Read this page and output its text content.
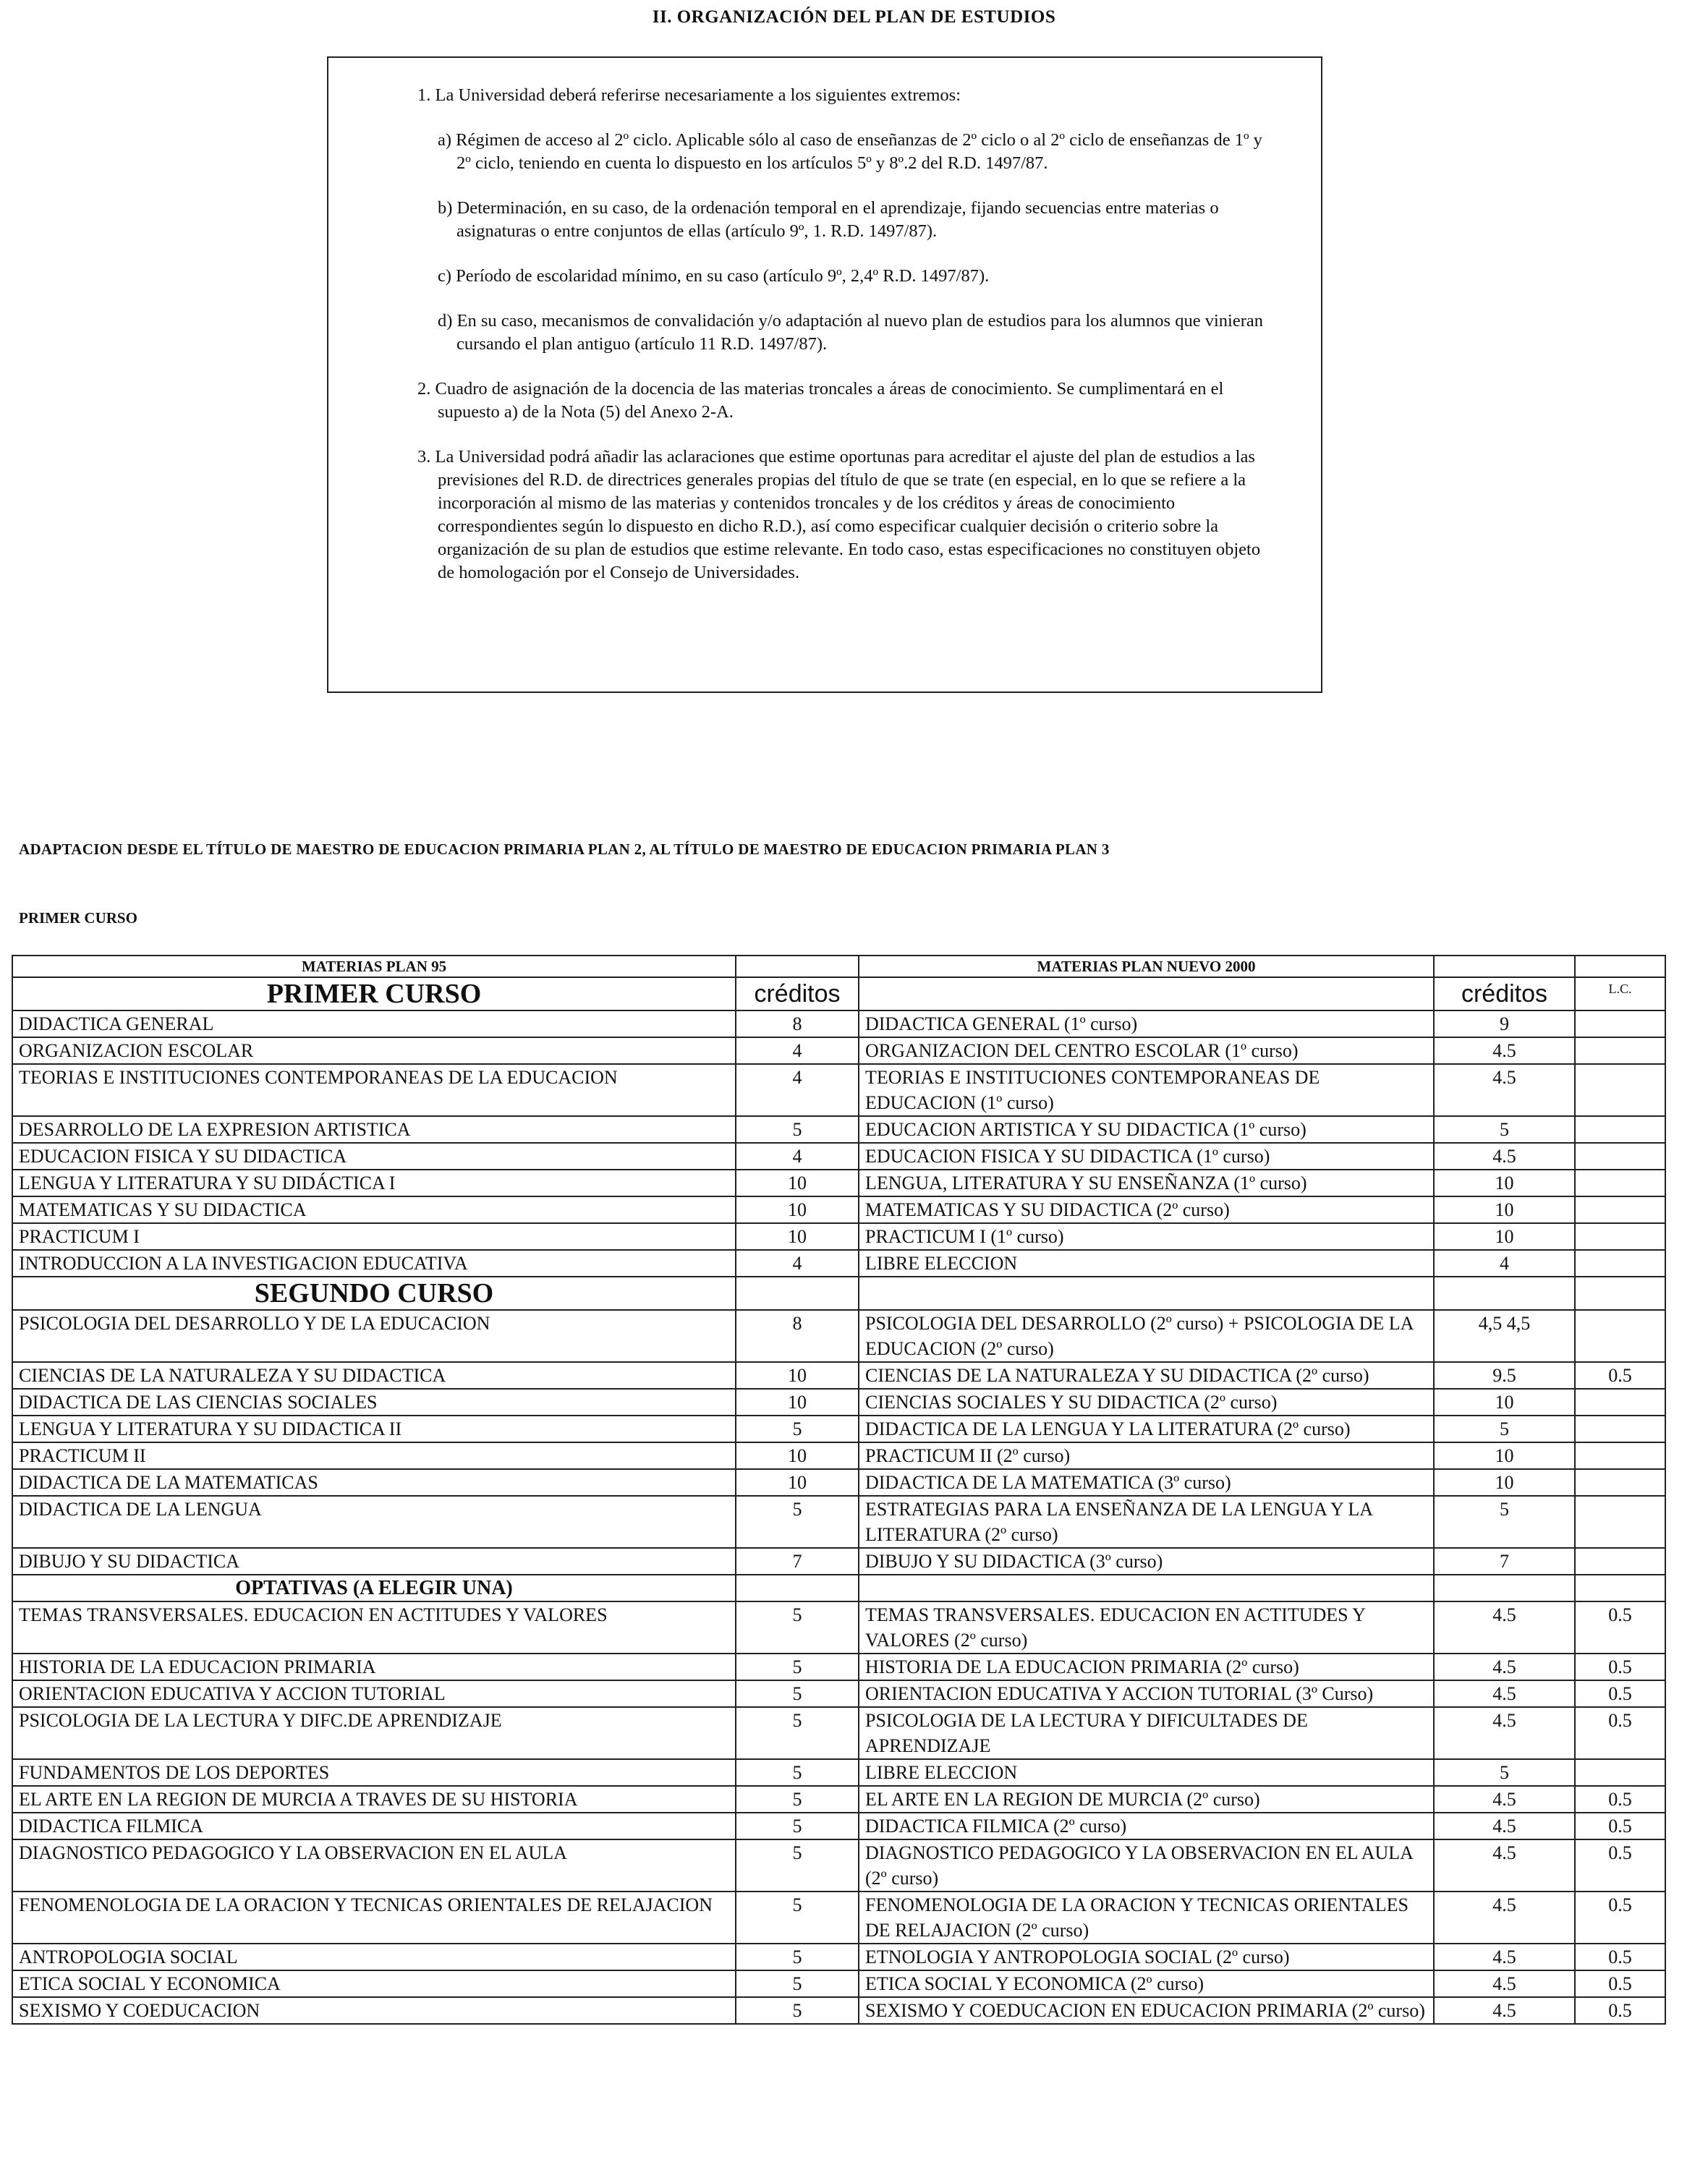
II. ORGANIZACIÓN DEL PLAN DE ESTUDIOS

1. La Universidad deberá referirse necesariamente a los siguientes extremos:

a) Régimen de acceso al 2º ciclo. Aplicable sólo al caso de enseñanzas de 2º ciclo o al 2º ciclo de enseñanzas de 1º y 2º ciclo, teniendo en cuenta lo dispuesto en los artículos 5º y 8º.2 del R.D. 1497/87.

b) Determinación, en su caso, de la ordenación temporal en el aprendizaje, fijando secuencias entre materias o asignaturas o entre conjuntos de ellas (artículo 9º, 1. R.D. 1497/87).

c) Período de escolaridad mínimo, en su caso (artículo 9º, 2,4º R.D. 1497/87).

d) En su caso, mecanismos de convalidación y/o adaptación al nuevo plan de estudios para los alumnos que vinieran cursando el plan antiguo (artículo 11 R.D. 1497/87).

2. Cuadro de asignación de la docencia de las materias troncales a áreas de conocimiento. Se cumplimentará en el supuesto a) de la Nota (5) del Anexo 2-A.

3. La Universidad podrá añadir las aclaraciones que estime oportunas para acreditar el ajuste del plan de estudios a las previsiones del R.D. de directrices generales propias del título de que se trate (en especial, en lo que se refiere a la incorporación al mismo de las materias y contenidos troncales y de los créditos y áreas de conocimiento correspondientes según lo dispuesto en dicho R.D.), así como especificar cualquier decisión o criterio sobre la organización de su plan de estudios que estime relevante. En todo caso, estas especificaciones no constituyen objeto de homologación por el Consejo de Universidades.

ADAPTACION DESDE EL TÍTULO DE MAESTRO DE EDUCACION PRIMARIA PLAN 2, AL TÍTULO DE MAESTRO DE EDUCACION PRIMARIA PLAN 3
PRIMER CURSO
MATERIAS PLAN 95		MATERIAS PLAN NUEVO 2000		
PRIMER CURSO	créditos		créditos	L.C.
DIDACTICA GENERAL	8	DIDACTICA GENERAL (1º curso)	9	
ORGANIZACION ESCOLAR	4	ORGANIZACION DEL CENTRO ESCOLAR (1º curso)	4.5	
TEORIAS E INSTITUCIONES CONTEMPORANEAS DE LA EDUCACION	4	TEORIAS E INSTITUCIONES CONTEMPORANEAS DE EDUCACION (1º curso)	4.5	
DESARROLLO DE LA EXPRESION ARTISTICA	5	EDUCACION ARTISTICA Y SU DIDACTICA (1º curso)	5	
EDUCACION FISICA Y SU DIDACTICA	4	EDUCACION FISICA Y SU DIDACTICA (1º curso)	4.5	
LENGUA Y LITERATURA Y SU DIDÁCTICA I	10	LENGUA, LITERATURA Y SU ENSEÑANZA (1º curso)	10	
MATEMATICAS Y SU DIDACTICA	10	MATEMATICAS Y SU DIDACTICA (2º curso)	10	
PRACTICUM I	10	PRACTICUM I (1º curso)	10	
INTRODUCCION A LA INVESTIGACION EDUCATIVA	4	LIBRE ELECCION	4	
SEGUNDO CURSO				
PSICOLOGIA DEL DESARROLLO Y DE LA EDUCACION	8	PSICOLOGIA DEL DESARROLLO (2º curso) + PSICOLOGIA DE LA EDUCACION (2º curso)	4,5 4,5	
CIENCIAS DE LA NATURALEZA Y SU DIDACTICA	10	CIENCIAS DE LA NATURALEZA Y SU DIDACTICA (2º curso)	9.5	0.5
DIDACTICA DE LAS CIENCIAS SOCIALES	10	CIENCIAS SOCIALES Y SU DIDACTICA (2º curso)	10	
LENGUA Y LITERATURA Y SU DIDACTICA II	5	DIDACTICA DE LA LENGUA Y LA LITERATURA (2º curso)	5	
PRACTICUM II	10	PRACTICUM II (2º curso)	10	
DIDACTICA DE LA MATEMATICAS	10	DIDACTICA DE LA MATEMATICA (3º curso)	10	
DIDACTICA DE LA LENGUA	5	ESTRATEGIAS PARA LA ENSEÑANZA DE LA LENGUA Y LA LITERATURA (2º curso)	5	
DIBUJO Y SU DIDACTICA	7	DIBUJO Y SU DIDACTICA (3º curso)	7	
OPTATIVAS (A ELEGIR UNA)				
TEMAS TRANSVERSALES. EDUCACION EN ACTITUDES Y VALORES	5	TEMAS TRANSVERSALES. EDUCACION EN ACTITUDES Y VALORES (2º curso)	4.5	0.5
HISTORIA DE LA EDUCACION PRIMARIA	5	HISTORIA DE LA EDUCACION PRIMARIA (2º curso)	4.5	0.5
ORIENTACION EDUCATIVA Y ACCION TUTORIAL	5	ORIENTACION EDUCATIVA Y ACCION TUTORIAL (3º Curso)	4.5	0.5
PSICOLOGIA DE LA LECTURA Y DIFC.DE APRENDIZAJE	5	PSICOLOGIA DE LA LECTURA Y DIFICULTADES DE APRENDIZAJE	4.5	0.5
FUNDAMENTOS DE LOS DEPORTES	5	LIBRE ELECCION	5	
EL ARTE EN LA REGION DE MURCIA A TRAVES DE SU HISTORIA	5	EL ARTE EN LA REGION DE MURCIA (2º curso)	4.5	0.5
DIDACTICA FILMICA	5	DIDACTICA FILMICA (2º curso)	4.5	0.5
DIAGNOSTICO PEDAGOGICO Y LA OBSERVACION EN EL AULA	5	DIAGNOSTICO PEDAGOGICO Y LA OBSERVACION EN EL AULA (2º curso)	4.5	0.5
FENOMENOLOGIA DE LA ORACION Y TECNICAS ORIENTALES DE RELAJACION	5	FENOMENOLOGIA DE LA ORACION Y TECNICAS ORIENTALES DE RELAJACION (2º curso)	4.5	0.5
ANTROPOLOGIA SOCIAL	5	ETNOLOGIA Y ANTROPOLOGIA SOCIAL (2º curso)	4.5	0.5
ETICA SOCIAL Y ECONOMICA	5	ETICA SOCIAL Y ECONOMICA (2º curso)	4.5	0.5
SEXISMO Y COEDUCACION	5	SEXISMO Y COEDUCACION EN EDUCACION PRIMARIA (2º curso)	4.5	0.5
